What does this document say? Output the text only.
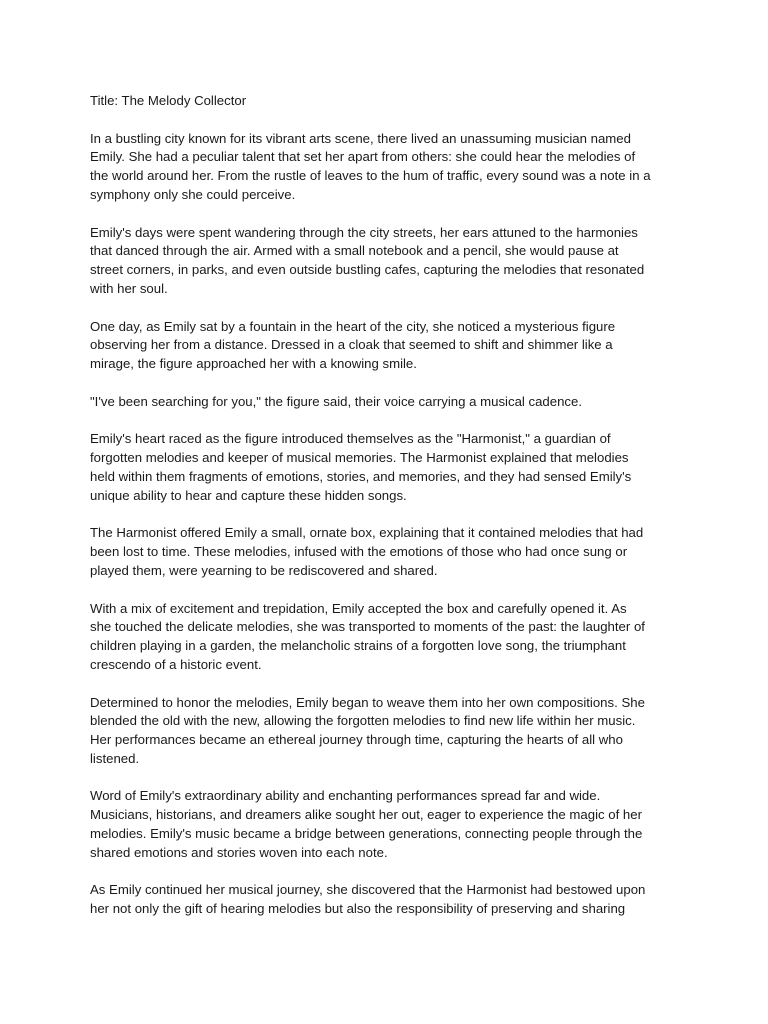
Title: The Melody Collector

In a bustling city known for its vibrant arts scene, there lived an unassuming musician named
Emily. She had a peculiar talent that set her apart from others: she could hear the melodies of
the world around her. From the rustle of leaves to the hum of traffic, every sound was a note in a
symphony only she could perceive.

Emily's days were spent wandering through the city streets, her ears attuned to the harmonies
that danced through the air. Armed with a small notebook and a pencil, she would pause at
street corners, in parks, and even outside bustling cafes, capturing the melodies that resonated
with her soul.

One day, as Emily sat by a fountain in the heart of the city, she noticed a mysterious figure
observing her from a distance. Dressed in a cloak that seemed to shift and shimmer like a
mirage, the figure approached her with a knowing smile.

"I've been searching for you," the figure said, their voice carrying a musical cadence.

Emily's heart raced as the figure introduced themselves as the "Harmonist," a guardian of
forgotten melodies and keeper of musical memories. The Harmonist explained that melodies
held within them fragments of emotions, stories, and memories, and they had sensed Emily's
unique ability to hear and capture these hidden songs.

The Harmonist offered Emily a small, ornate box, explaining that it contained melodies that had
been lost to time. These melodies, infused with the emotions of those who had once sung or
played them, were yearning to be rediscovered and shared.

With a mix of excitement and trepidation, Emily accepted the box and carefully opened it. As
she touched the delicate melodies, she was transported to moments of the past: the laughter of
children playing in a garden, the melancholic strains of a forgotten love song, the triumphant
crescendo of a historic event.

Determined to honor the melodies, Emily began to weave them into her own compositions. She
blended the old with the new, allowing the forgotten melodies to find new life within her music.
Her performances became an ethereal journey through time, capturing the hearts of all who
listened.

Word of Emily's extraordinary ability and enchanting performances spread far and wide.
Musicians, historians, and dreamers alike sought her out, eager to experience the magic of her
melodies. Emily's music became a bridge between generations, connecting people through the
shared emotions and stories woven into each note.

As Emily continued her musical journey, she discovered that the Harmonist had bestowed upon
her not only the gift of hearing melodies but also the responsibility of preserving and sharing
